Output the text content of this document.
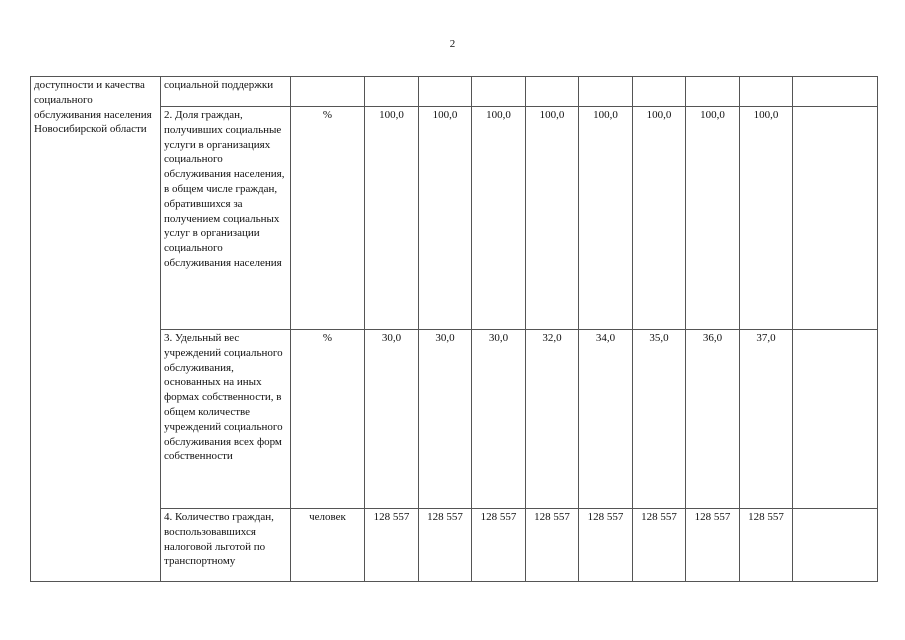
2
доступности и качества социального обслуживания населения Новосибирской области	социальной поддержки										
	2. Доля граждан, получивших социальные услуги в организациях социального обслуживания населения, в общем числе граждан, обратившихся за получением социальных услуг в организации социального обслуживания населения	%	100,0	100,0	100,0	100,0	100,0	100,0	100,0	100,0	
	3. Удельный вес учреждений социального обслуживания, основанных на иных формах собственности, в общем количестве учреждений социального обслуживания всех форм собственности	%	30,0	30,0	30,0	32,0	34,0	35,0	36,0	37,0	
	4. Количество граждан, воспользовавшихся налоговой льготой по транспортному	человек	128 557	128 557	128 557	128 557	128 557	128 557	128 557	128 557	
